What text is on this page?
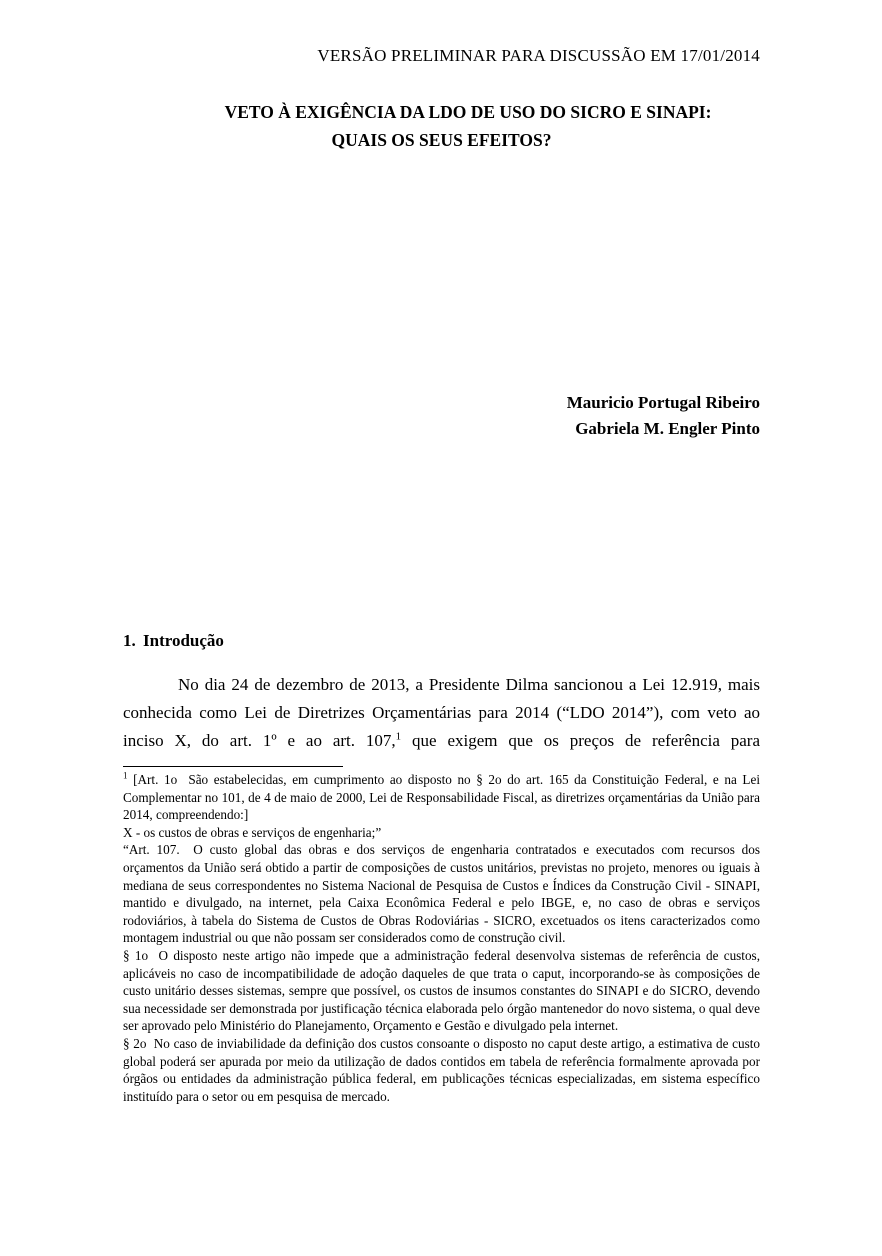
VERSÃO PRELIMINAR PARA DISCUSSÃO EM 17/01/2014
VETO À EXIGÊNCIA DA LDO DE USO DO SICRO E SINAPI:
QUAIS OS SEUS EFEITOS?
Mauricio Portugal Ribeiro
Gabriela M. Engler Pinto
1. Introdução

No dia 24 de dezembro de 2013, a Presidente Dilma sancionou a Lei 12.919, mais conhecida como Lei de Diretrizes Orçamentárias para 2014 (“LDO 2014”), com veto ao inciso X, do art. 1º e ao art. 107,$^1$ que exigem que os preços de referência para

$^1$ [Art. 1o  São estabelecidas, em cumprimento ao disposto no § 2o do art. 165 da Constituição Federal, e na Lei Complementar no 101, de 4 de maio de 2000, Lei de Responsabilidade Fiscal, as diretrizes orçamentárias da União para 2014, compreendendo:]
X - os custos de obras e serviços de engenharia;”
“Art. 107.  O custo global das obras e dos serviços de engenharia contratados e executados com recursos dos orçamentos da União será obtido a partir de composições de custos unitários, previstas no projeto, menores ou iguais à mediana de seus correspondentes no Sistema Nacional de Pesquisa de Custos e Índices da Construção Civil - SINAPI, mantido e divulgado, na internet, pela Caixa Econômica Federal e pelo IBGE, e, no caso de obras e serviços rodoviários, à tabela do Sistema de Custos de Obras Rodoviárias - SICRO, excetuados os itens caracterizados como montagem industrial ou que não possam ser considerados como de construção civil.
§ 1o  O disposto neste artigo não impede que a administração federal desenvolva sistemas de referência de custos, aplicáveis no caso de incompatibilidade de adoção daqueles de que trata o caput, incorporando-se às composições de custo unitário desses sistemas, sempre que possível, os custos de insumos constantes do SINAPI e do SICRO, devendo sua necessidade ser demonstrada por justificação técnica elaborada pelo órgão mantenedor do novo sistema, o qual deve ser aprovado pelo Ministério do Planejamento, Orçamento e Gestão e divulgado pela internet.
§ 2o  No caso de inviabilidade da definição dos custos consoante o disposto no caput deste artigo, a estimativa de custo global poderá ser apurada por meio da utilização de dados contidos em tabela de referência formalmente aprovada por órgãos ou entidades da administração pública federal, em publicações técnicas especializadas, em sistema específico instituído para o setor ou em pesquisa de mercado.
